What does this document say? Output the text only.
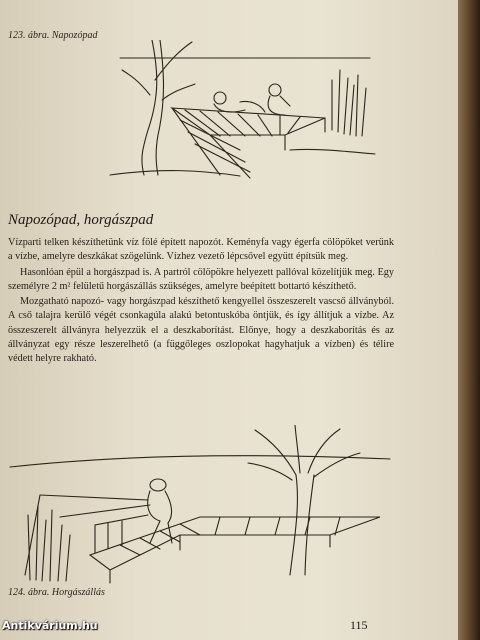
123. ábra. Napozópad
Napozópad, horgászpad

Vízparti telken készíthetünk víz fölé épített napozót. Keményfa vagy égerfa cölöpöket verünk a vízbe, amelyre deszkákat szögelünk. Vízhez vezető lépcsővel együtt építsük meg.

Hasonlóan épül a horgászpad is. A partról cölöpökre helyezett pallóval közelítjük meg. Egy személyre 2 m² felületű horgászállás szükséges, amelyre beépített bottartó készíthető.

Mozgatható napozó- vagy horgászpad készíthető kengyellel összeszerelt vascső állványból. A cső talajra kerülő végét csonkagúla alakú betontuskóba öntjük, és így állítjuk a vízbe. Az összeszerelt állványra helyezzük el a deszkaborítást. Előnye, hogy a deszkaborítás és az állványzat egy része leszerelhető (a függőleges oszlopokat hagyhatjuk a vízben) és télire védett helyre rakható.

124. ábra. Horgászállás
115
Antikvárium.hu
